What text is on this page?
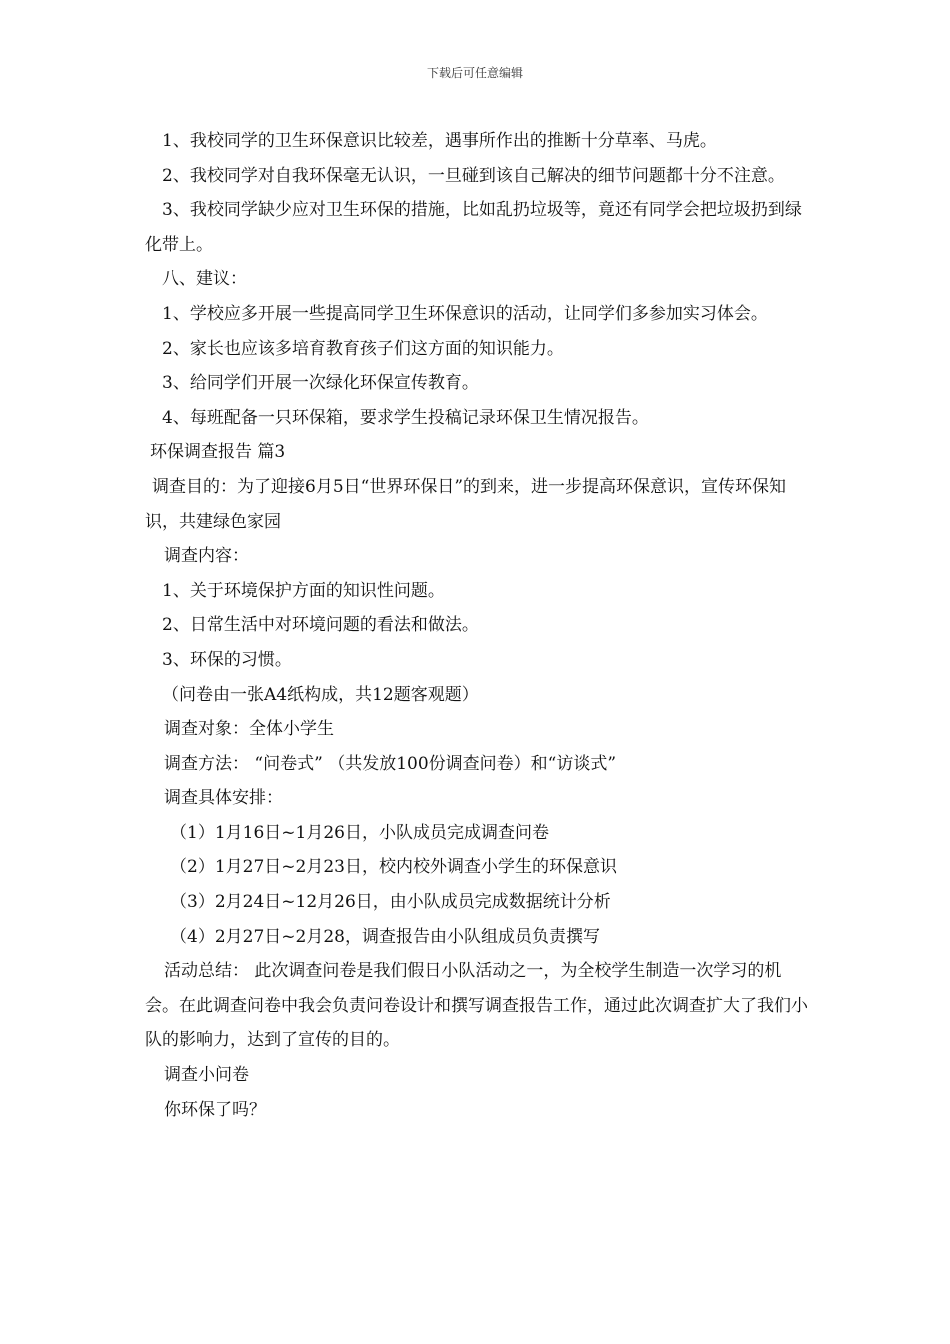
下载后可任意编辑

1、我校同学的卫生环保意识比较差，遇事所作出的推断十分草率、马虎。

2、我校同学对自我环保毫无认识，一旦碰到该自己解决的细节问题都十分不注意。

3、我校同学缺少应对卫生环保的措施，比如乱扔垃圾等，竟还有同学会把垃圾扔到绿化带上。

八、建议：

1、学校应多开展一些提高同学卫生环保意识的活动，让同学们多参加实习体会。

2、家长也应该多培育教育孩子们这方面的知识能力。

3、给同学们开展一次绿化环保宣传教育。

4、每班配备一只环保箱，要求学生投稿记录环保卫生情况报告。

环保调查报告 篇3

调查目的：为了迎接6月5日“世界环保日”的到来，进一步提高环保意识，宣传环保知识，共建绿色家园

调查内容：

1、关于环境保护方面的知识性问题。

2、日常生活中对环境问题的看法和做法。

3、环保的习惯。

（问卷由一张A4纸构成，共12题客观题）

调查对象：全体小学生

调查方法： “问卷式” （共发放100份调查问卷）和“访谈式”

调查具体安排：

（1）1月16日~1月26日，小队成员完成调查问卷

（2）1月27日~2月23日，校内校外调查小学生的环保意识

（3）2月24日~12月26日，由小队成员完成数据统计分析

（4）2月27日~2月28，调查报告由小队组成员负责撰写

活动总结： 此次调查问卷是我们假日小队活动之一，为全校学生制造一次学习的机会。在此调查问卷中我会负责问卷设计和撰写调查报告工作，通过此次调查扩大了我们小队的影响力，达到了宣传的目的。

调查小问卷

你环保了吗？
